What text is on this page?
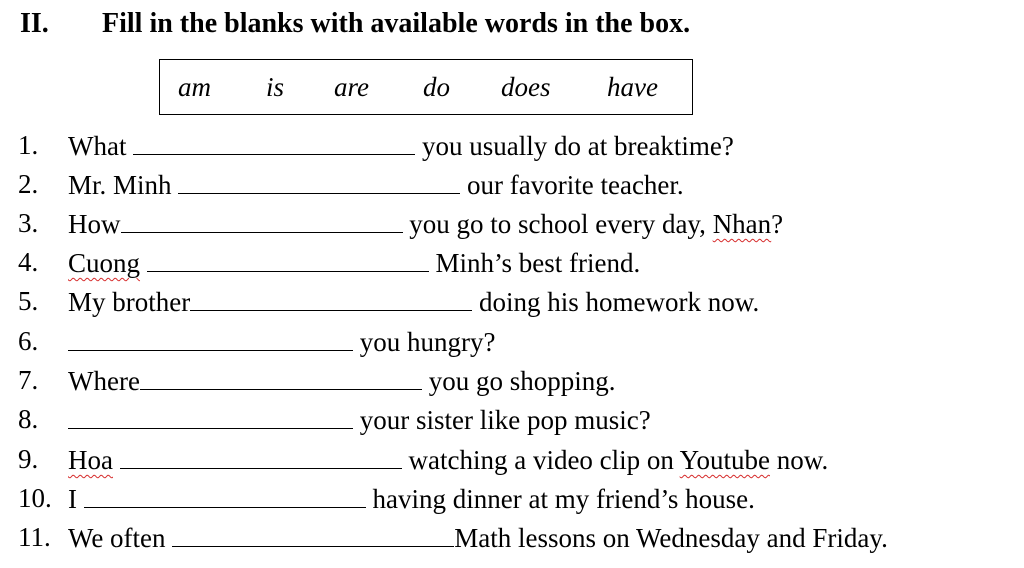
II. Fill in the blanks with available words in the box.
am is are do does have
1. What	you usually do at breaktime?
2. Mr. Minh	our favorite teacher.
3. How	you go to school every day, Nhan?
4. Cuong	Minh’s best friend.
5. My brother	doing his homework now.
6.	you hungry?
7. Where	you go shopping.
8.	your sister like pop music?
9. Hoa	watching a video clip on Youtube now.
10. I	having dinner at my friend’s house.
11. We often	Math lessons on Wednesday and Friday.
